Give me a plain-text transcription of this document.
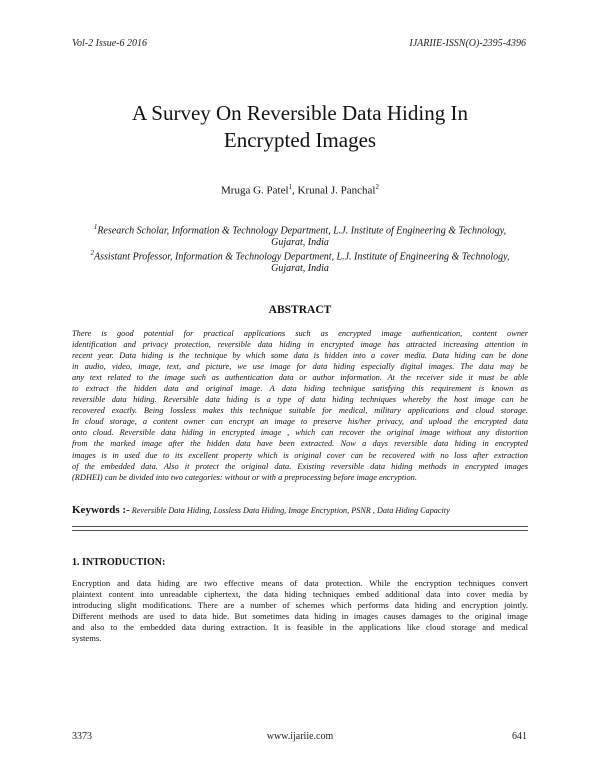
Vol-2 Issue-6 2016	IJARIIE-ISSN(O)-2395-4396
A Survey On Reversible Data Hiding In
Encrypted Images
Mruga G. Patel$^1$, Krunal J. Panchal$^2$
$^1$Research Scholar, Information & Technology Department, L.J. Institute of Engineering & Technology,
Gujarat, India
$^2$Assistant Professor, Information & Technology Department, L.J. Institute of Engineering & Technology,
Gujarat, India
ABSTRACT
There is good potential for practical applications such as encrypted image authentication, content owner
identification and privacy protection, reversible data hiding in encrypted image has attracted increasing attention in
recent year. Data hiding is the technique by which some data is hidden into a cover media. Data hiding can be done
in audio, video, image, text, and picture, we use image for data hiding especially digital images. The data may be
any text related to the image such as authentication data or author information. At the receiver side it must be able
to extract the hidden data and original image. A data hiding technique satisfying this requirement is known as
reversible data hiding. Reversible data hiding is a type of data hiding techniques whereby the host image can be
recovered exactly. Being lossless makes this technique suitable for medical, military applications and cloud storage.
In cloud storage, a content owner can encrypt an image to preserve his/her privacy, and upload the encrypted data
onto cloud. Reversible data hiding in encrypted image , which can recover the original image without any distortion
from the marked image after the hidden data have been extracted. Now a days reversible data hiding in encrypted
images is in used due to its excellent property which is original cover can be recovered with no loss after extraction
of the embedded data. Also it protect the original data. Existing reversible data hiding methods in encrypted images
(RDHEI) can be divided into two categories: without or with a preprocessing before image encryption.
Keywords :- Reversible Data Hiding, Lossless Data Hiding, Image Encryption, PSNR , Data Hiding Capacity
1. INTRODUCTION:
Encryption and data hiding are two effective means of data protection. While the encryption techniques convert
plaintext content into unreadable ciphertext, the data hiding techniques embed additional data into cover media by
introducing slight modifications. There are a number of schemes which performs data hiding and encryption jointly.
Different methods are used to data hide. But sometimes data hiding in images causes damages to the original image
and also to the embedded data during extraction. It is feasible in the applications like cloud storage and medical
systems.
3373	www.ijariie.com	641
